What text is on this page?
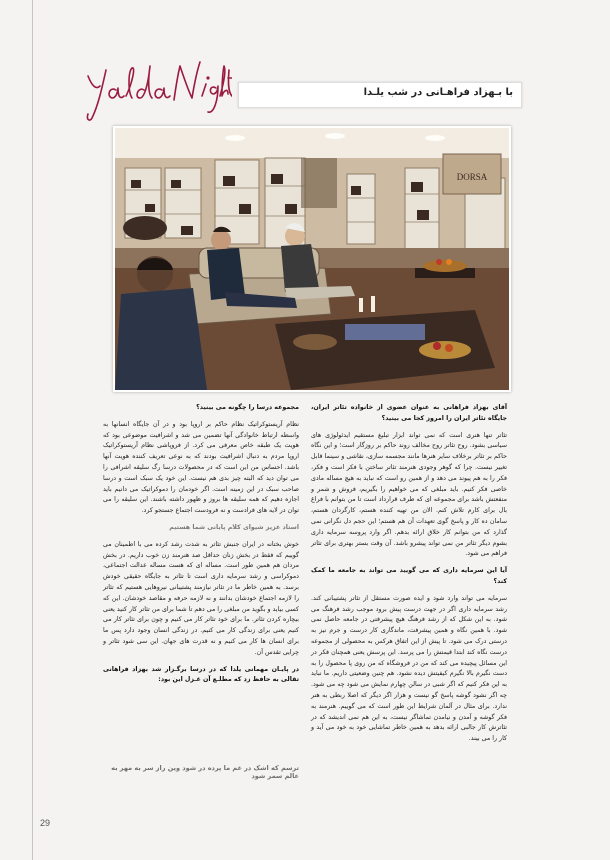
با بـهزاد فراهـانی در شب یلـدا
DORSA

آقای بهزاد فراهانی به عنوان عضوی از خانواده تئاتر ایران، جایگاه تئاتر ایران را امروز کجا می بینید؟

تئاتر تنها هنری است که نمی تواند ابزار تبلیغ مستقیم ایدئولوژی های سیاسی بشود. روح تئاتر روح مخالف روند حاکم بر روزگار است؛ و این نگاه حاکم بر تئاتر برخلاف سایر هنرها مانند مجسمه سازی، نقاشی و سینما قابل تغییر نیست. چرا که گوهر وجودی هنرمند تئاتر ساختن با فکر است و فکر، فکر را به هم پیوند می دهد و از همین رو است که نباید به هیچ مساله مادی خاصی فکر کنیم. باید مبلغی که می خواهیم را بگیریم، فروش و شمر و منفعتش باشد برای مجموعه ای که طرف قرارداد است تا من بتوانم با فراغ بال برای کارم تلاش کنم. الان من تهیه کننده هستم، کارگردان هستم، سامان ده کار و پاسخ گوی تعهدات آن هم هستم؛ این حجم دل نگرانی نمی گذارد که من بتوانم کار خلاق ارائه بدهم. اگر وارد پروسه سرمایه داری بشوم دیگر تئاتر من نمی تواند پیشرو باشد. آن وقت بستر بهتری برای تئاتر فراهم می شود.

آیا این سرمایه داری که می گویید می تواند به جامعه ما کمک کند؟

سرمایه می تواند وارد شود و ایده صورت مستقل از تئاتر پشتیبانی کند. رشد سرمایه داری اگر در جهت درست پیش برود موجب رشد فرهنگ می شود. به این شکل که از رشد فرهنگ هیچ پیشرفتی در جامعه حاصل نمی شود. با همین نگاه و همین پیشرفت، ماندگاری کار درست و جرم نیز به درستی درک می شود. تا پیش از این اتفاق هرکس به محصولی از مجموعه درست نگاه کند ابتدا قیمتش را می پرسد. این پرسش یعنی همچنان فکر در این مسائل پیچیده می کند که من در فروشگاه که من روی پا محصول را به دست نگیرم بالا نگیرم کیفیتش دیده نشود. هم چنین وضعیتی داریم. ما نباید به این فکر کنیم که اگر شبی در سالن چهارم نمایش می شود چه می شود. چه اگر نشود گوشه پاسخ گو نیست و هزار اگر دیگر که اصلا ربطی به هنر ندارد. برای مثال در آلمان شرایط این طور است که می گوییم. هنرمند به فکر گوشه و آمدن و نیامدن تماشاگر نیست، به این هم نمی اندیشد که در تئاترش کار جالبی ارائه بدهد به همین خاطر تماشایی خود به خود می آید و کار را می بیند.

مجموعه درسا را چگونه می بینید؟

نظام آریستوکراتیک نظام حاکم بر اروپا بود و در آن جایگاه انسانها به واسطه ارتباط خانوادگی آنها تضمین می شد و اشرافیت موضوعی بود که هویت یک طبقه خاص معرفی می کرد. از فروپاشی نظام آریستوکراتیک اروپا مردم به دنبال اشرافیت بودند که به نوعی تعریف کننده هویت آنها باشد. احساس من این است که در محصولات درسا رگ سلیقه اشرافی را می توان دید که البته چیز بدی هم نیست. این خود یک سبک است و درسا صاحب سبک در این زمینه است. اگر خودمان را دموکراتیک می دانیم باید اجازه دهیم که همه سلیقه ها بروز و ظهور داشته باشند. این سلیقه را می توان در لایه های فرادست و نه فرودست اجتماع جستجو کرد.

استاد عزیز شیوای کلام پایانی شما هستیم

خوش بختانه در ایران جنبش تئاتر به شدت رشد کرده می با اطمینان می گوییم که فقط در بخش زنان حداقل صد هنرمند زن خوب داریم. در بخش مردان هم همین طور است. مساله ای که هست مساله عدالت اجتماعی، دموکراسی و رشد سرمایه داری است تا تئاتر به جایگاه حقیقی خودش برسد. به همین خاطر ما در تئاتر نیازمند پشتیبانی نیروهایی هستیم که تئاتر را لازمه اجتماع خودشان بدانند و نه لازمه حرفه و مقاصد خودشان. این که کسی بیاید و بگوید من مبلغی را می دهم تا شما برای من تئاتر کار کنید یعنی بیچاره کردن تئاتر. ما برای خود تئاتر کار می کنیم و چون برای تئاتر کار می کنیم یعنی برای زندگی کار می کنیم. در زندگی انسان وجود دارد پس ما برای انسان ها کار می کنیم و نه قدرت های جهان. این سی شود تئاتر و چرایی تقدس آن.

در پایـان مهمانی یلدا که در درسا برگـزار شد بهزاد فراهانی تقالی به حافظ زد که مطلـع آن غـزل این بود:

ترسم که اشک در غم ما پرده در شود وین راز سر به مهر به عالم سمر شود
29
